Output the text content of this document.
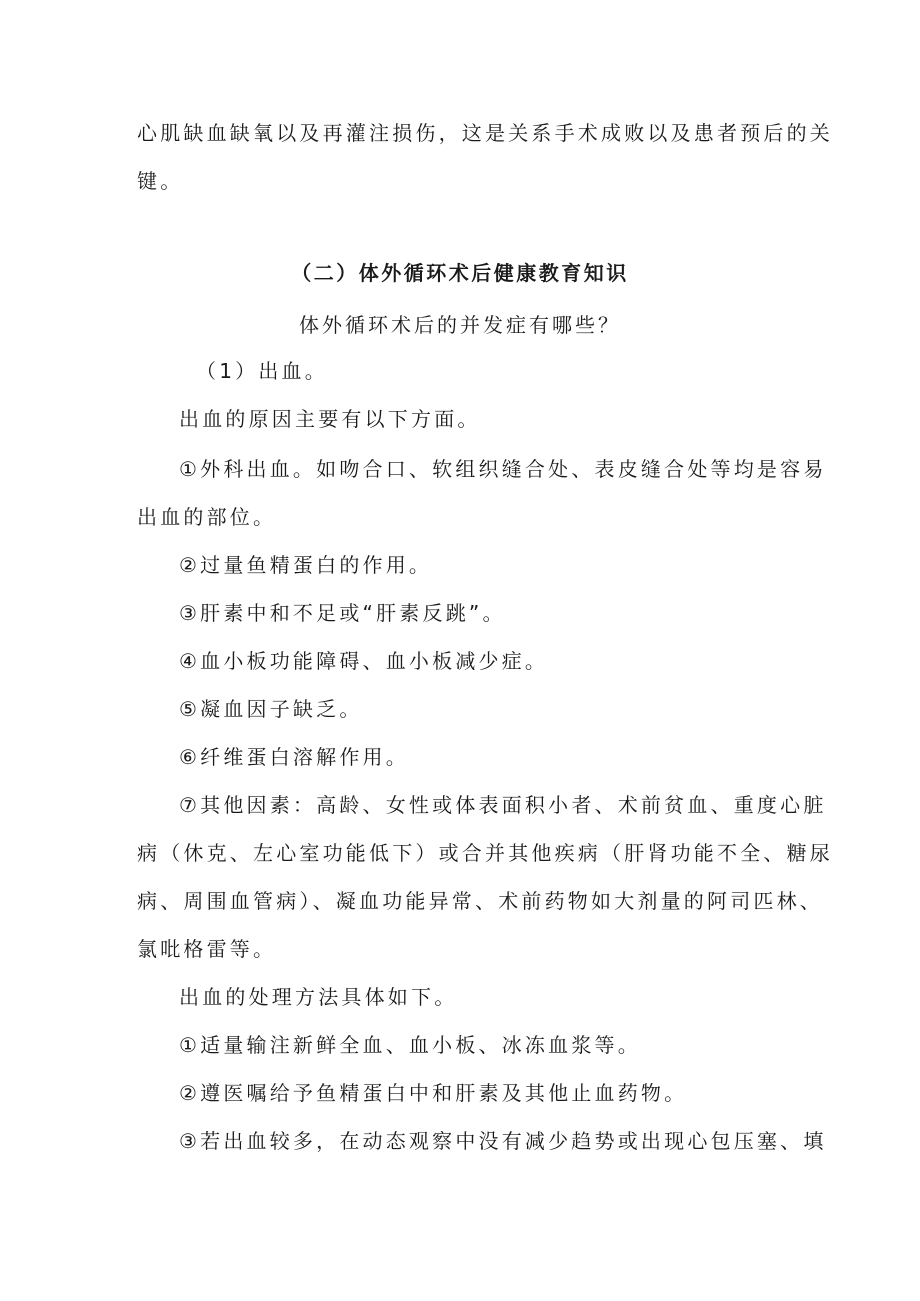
心肌缺血缺氧以及再灌注损伤，这是关系手术成败以及患者预后的关
键。
（二）体外循环术后健康教育知识
体外循环术后的并发症有哪些？
（1）出血。
出血的原因主要有以下方面。
①外科出血。如吻合口、软组织缝合处、表皮缝合处等均是容易
出血的部位。
②过量鱼精蛋白的作用。
③肝素中和不足或“肝素反跳”。
④血小板功能障碍、血小板减少症。
⑤凝血因子缺乏。
⑥纤维蛋白溶解作用。
⑦其他因素：高龄、女性或体表面积小者、术前贫血、重度心脏
病（休克、左心室功能低下）或合并其他疾病（肝肾功能不全、糖尿
病、周围血管病）、凝血功能异常、术前药物如大剂量的阿司匹林、
氯吡格雷等。
出血的处理方法具体如下。
①适量输注新鲜全血、血小板、冰冻血浆等。
②遵医嘱给予鱼精蛋白中和肝素及其他止血药物。
③若出血较多，在动态观察中没有减少趋势或出现心包压塞、填
